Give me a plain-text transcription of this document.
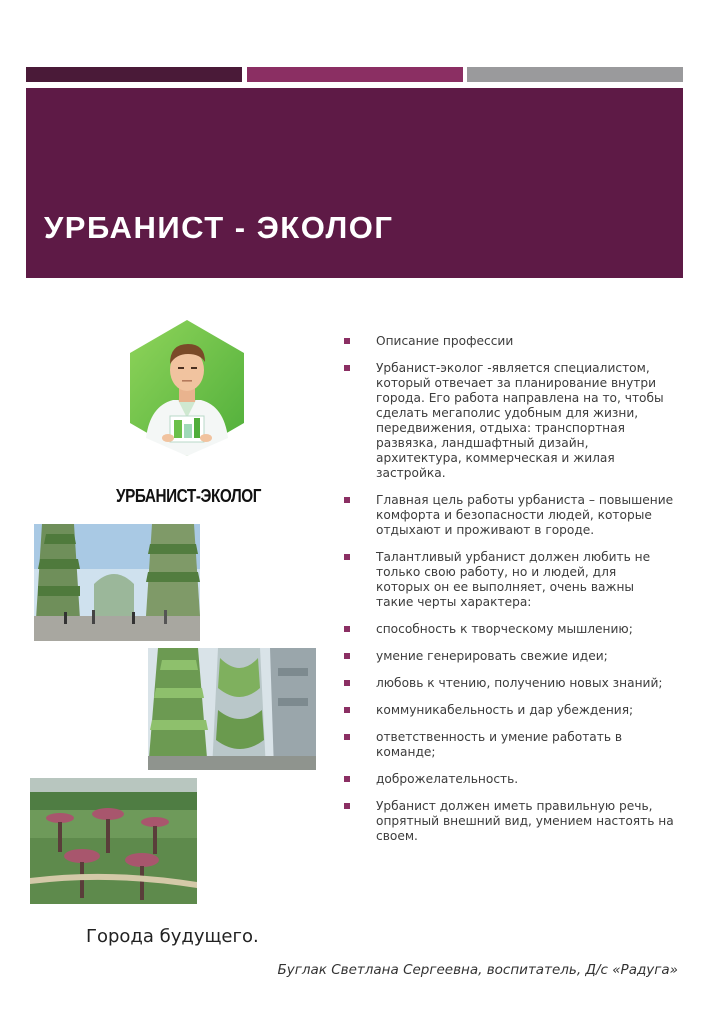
УРБАНИСТ - ЭКОЛОГ
УРБАНИСТ-ЭКОЛОГ
Описание профессии
Урбанист-эколог -является специалистом, который отвечает за планирование внутри города. Его работа направлена на то, чтобы сделать мегаполис удобным для жизни, передвижения, отдыха: транспортная развязка, ландшафтный дизайн, архитектура, коммерческая и жилая застройка.
Главная цель работы урбаниста – повышение комфорта и безопасности людей, которые отдыхают и проживают в городе.
Талантливый урбанист должен любить не только свою работу, но и людей, для которых он ее выполняет, очень важны такие черты характера:
способность к творческому мышлению;
умение генерировать свежие идеи;
любовь к чтению, получению новых знаний;
коммуникабельность и дар убеждения;
ответственность и умение работать в команде;
доброжелательность.
Урбанист должен иметь правильную речь, опрятный внешний вид, умением настоять на своем.
Города будущего.
Буглак Светлана Сергеевна, воспитатель, Д/с «Радуга»
